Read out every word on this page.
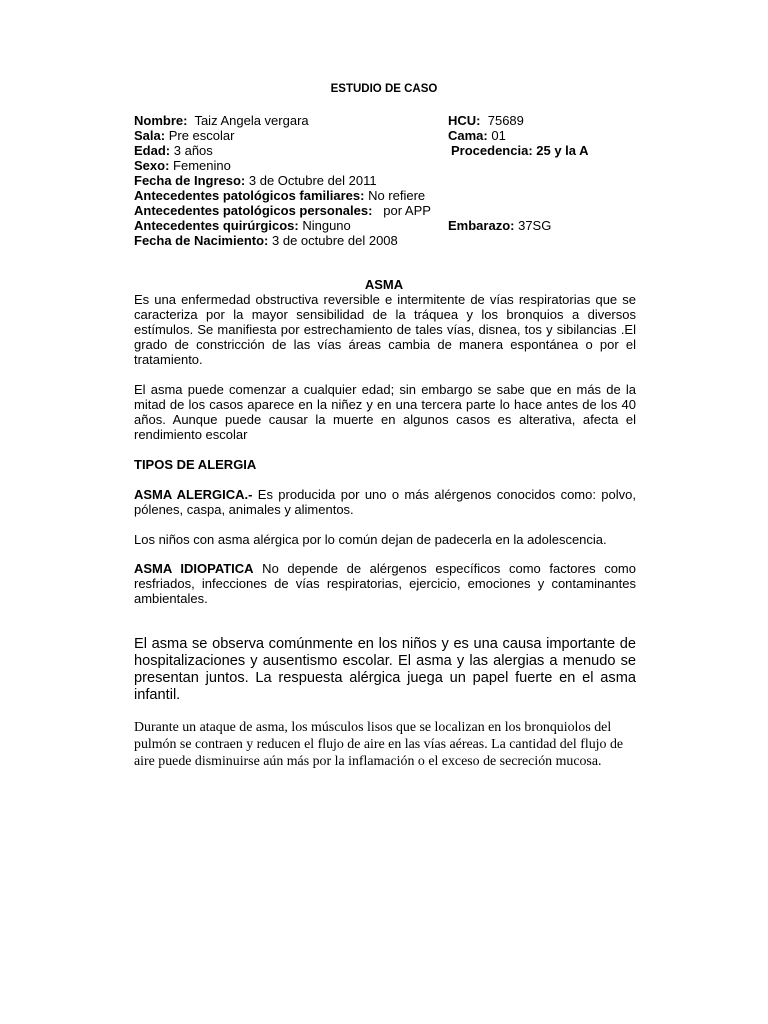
ESTUDIO DE CASO
Nombre: Taiz Angela vergara
Sala: Pre escolar
Edad: 3 años
Sexo: Femenino
Fecha de Ingreso: 3 de Octubre del 2011
Antecedentes patológicos familiares: No refiere
Antecedentes patológicos personales: por APP
Antecedentes quirúrgicos: Ninguno
Fecha de Nacimiento: 3 de octubre del 2008
HCU: 75689
Cama: 01
Procedencia: 25 y la A
Embarazo: 37SG
ASMA

Es una enfermedad obstructiva reversible e intermitente de vías respiratorias que se caracteriza por la mayor sensibilidad de la tráquea y los bronquios a diversos estímulos. Se manifiesta por estrechamiento de tales vías, disnea, tos y sibilancias .El grado de constricción de las vías áreas cambia de manera espontánea o por el tratamiento.

El asma puede comenzar a cualquier edad; sin embargo se sabe que en más de la mitad de los casos aparece en la niñez y en una tercera parte lo hace antes de los 40 años. Aunque puede causar la muerte en algunos casos es alterativa, afecta el rendimiento escolar

TIPOS DE ALERGIA

ASMA ALERGICA.- Es producida por uno o más alérgenos conocidos como: polvo, pólenes, caspa, animales y alimentos.

Los niños con asma alérgica por lo común dejan de padecerla en la adolescencia.

ASMA IDIOPATICA No depende de alérgenos específicos como factores como resfriados, infecciones de vías respiratorias, ejercicio, emociones y contaminantes ambientales.

El asma se observa comúnmente en los niños y es una causa importante de hospitalizaciones y ausentismo escolar. El asma y las alergias a menudo se presentan juntos. La respuesta alérgica juega un papel fuerte en el asma infantil.

Durante un ataque de asma, los músculos lisos que se localizan en los bronquiolos del pulmón se contraen y reducen el flujo de aire en las vías aéreas. La cantidad del flujo de aire puede disminuirse aún más por la inflamación o el exceso de secreción mucosa.
